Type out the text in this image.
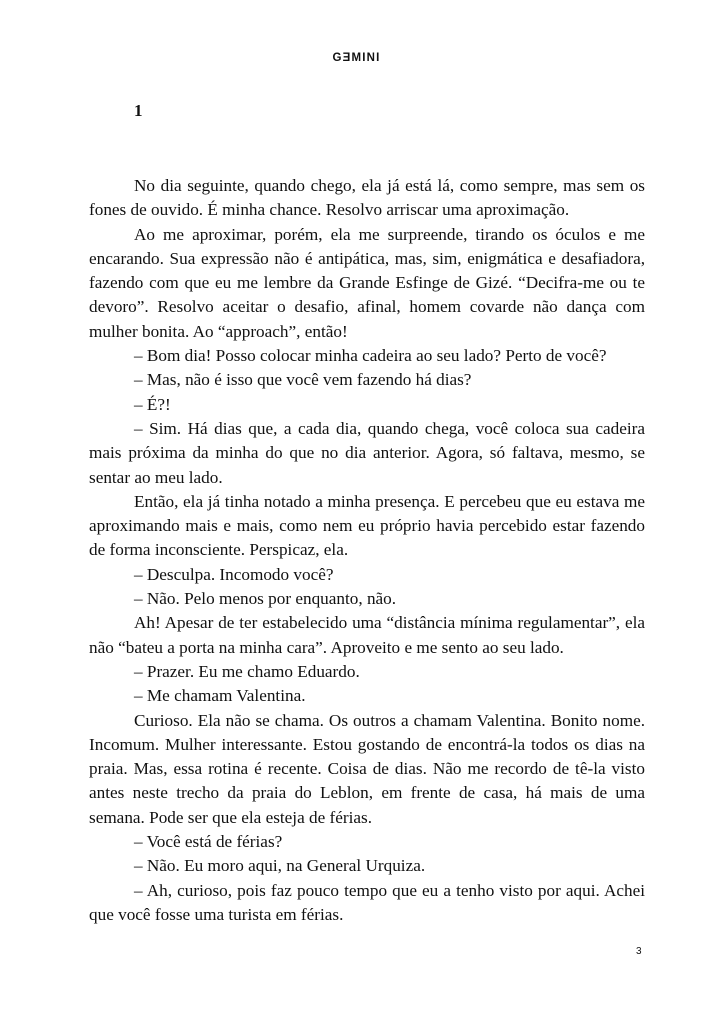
GƎMINI
1

No dia seguinte, quando chego, ela já está lá, como sempre, mas sem os fones de ouvido. É minha chance. Resolvo arriscar uma aproximação.

Ao me aproximar, porém, ela me surpreende, tirando os óculos e me encarando. Sua expressão não é antipática, mas, sim, enigmática e desafiadora, fazendo com que eu me lembre da Grande Esfinge de Gizé. “Decifra-me ou te devoro”. Resolvo aceitar o desafio, afinal, homem covarde não dança com mulher bonita. Ao “approach”, então!

– Bom dia! Posso colocar minha cadeira ao seu lado? Perto de você?

– Mas, não é isso que você vem fazendo há dias?

– É?!

– Sim. Há dias que, a cada dia, quando chega, você coloca sua cadeira mais próxima da minha do que no dia anterior. Agora, só faltava, mesmo, se sentar ao meu lado.

Então, ela já tinha notado a minha presença. E percebeu que eu estava me aproximando mais e mais, como nem eu próprio havia percebido estar fazendo de forma inconsciente. Perspicaz, ela.

– Desculpa. Incomodo você?

– Não. Pelo menos por enquanto, não.

Ah! Apesar de ter estabelecido uma “distância mínima regulamentar”, ela não “bateu a porta na minha cara”. Aproveito e me sento ao seu lado.

– Prazer. Eu me chamo Eduardo.

– Me chamam Valentina.

Curioso. Ela não se chama. Os outros a chamam Valentina. Bonito nome. Incomum. Mulher interessante. Estou gostando de encontrá-la todos os dias na praia. Mas, essa rotina é recente. Coisa de dias. Não me recordo de tê-la visto antes neste trecho da praia do Leblon, em frente de casa, há mais de uma semana. Pode ser que ela esteja de férias.

– Você está de férias?

– Não. Eu moro aqui, na General Urquiza.

– Ah, curioso, pois faz pouco tempo que eu a tenho visto por aqui. Achei que você fosse uma turista em férias.

3
